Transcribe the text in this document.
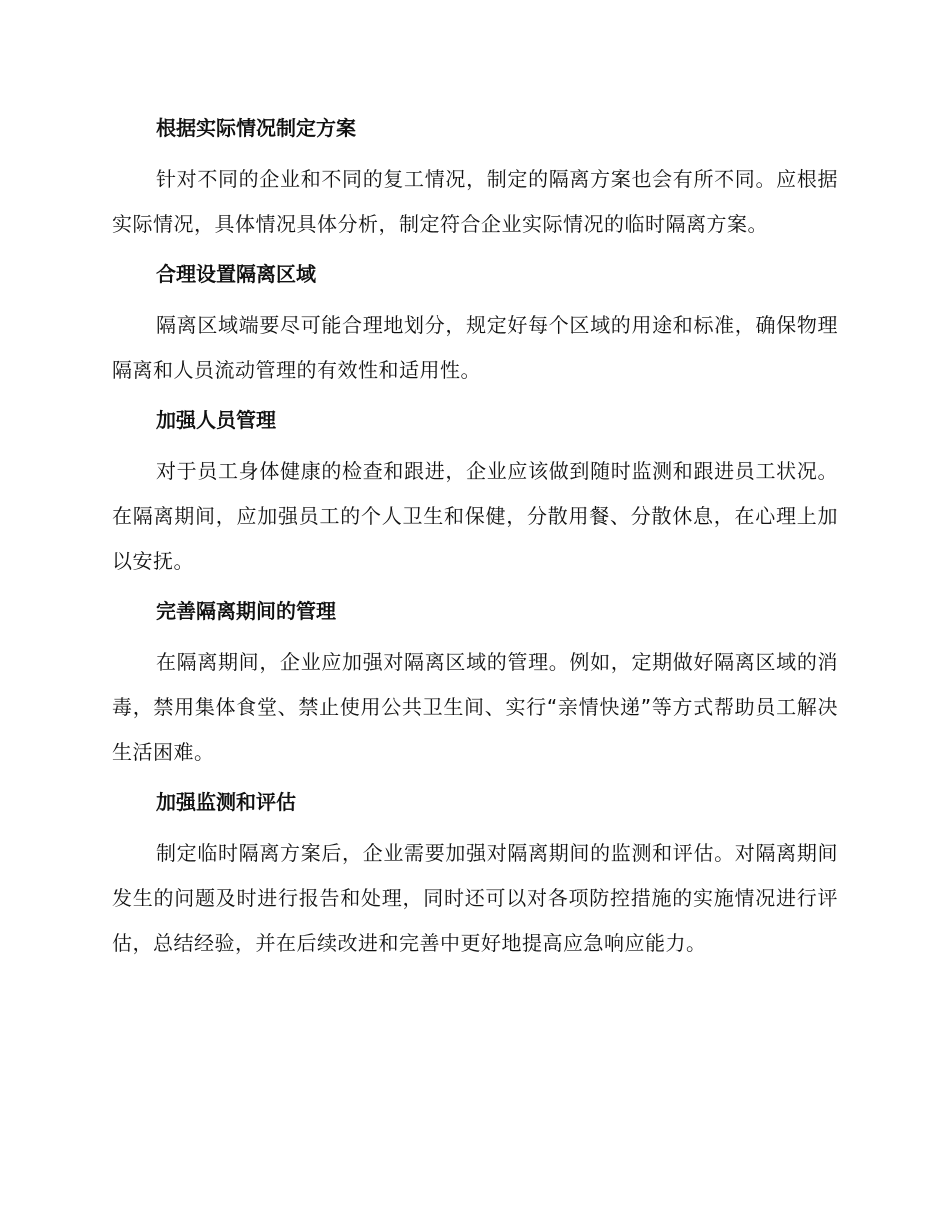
根据实际情况制定方案

针对不同的企业和不同的复工情况，制定的隔离方案也会有所不同。应根据实际情况，具体情况具体分析，制定符合企业实际情况的临时隔离方案。

合理设置隔离区域

隔离区域端要尽可能合理地划分，规定好每个区域的用途和标准，确保物理隔离和人员流动管理的有效性和适用性。

加强人员管理

对于员工身体健康的检查和跟进，企业应该做到随时监测和跟进员工状况。在隔离期间，应加强员工的个人卫生和保健，分散用餐、分散休息，在心理上加以安抚。

完善隔离期间的管理

在隔离期间，企业应加强对隔离区域的管理。例如，定期做好隔离区域的消毒，禁用集体食堂、禁止使用公共卫生间、实行“亲情快递”等方式帮助员工解决生活困难。

加强监测和评估

制定临时隔离方案后，企业需要加强对隔离期间的监测和评估。对隔离期间发生的问题及时进行报告和处理，同时还可以对各项防控措施的实施情况进行评估，总结经验，并在后续改进和完善中更好地提高应急响应能力。
